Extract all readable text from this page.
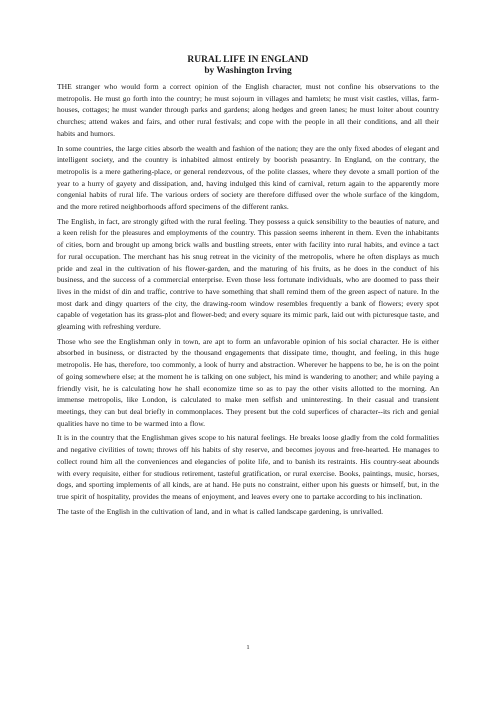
RURAL LIFE IN ENGLAND

by Washington Irving

THE stranger who would form a correct opinion of the English character, must not confine his observations to the metropolis. He must go forth into the country; he must sojourn in villages and hamlets; he must visit castles, villas, farm-houses, cottages; he must wander through parks and gardens; along hedges and green lanes; he must loiter about country churches; attend wakes and fairs, and other rural festivals; and cope with the people in all their conditions, and all their habits and humors.

In some countries, the large cities absorb the wealth and fashion of the nation; they are the only fixed abodes of elegant and intelligent society, and the country is inhabited almost entirely by boorish peasantry. In England, on the contrary, the metropolis is a mere gathering-place, or general rendezvous, of the polite classes, where they devote a small portion of the year to a hurry of gayety and dissipation, and, having indulged this kind of carnival, return again to the apparently more congenial habits of rural life. The various orders of society are therefore diffused over the whole surface of the kingdom, and the more retired neighborhoods afford specimens of the different ranks.

The English, in fact, are strongly gifted with the rural feeling. They possess a quick sensibility to the beauties of nature, and a keen relish for the pleasures and employments of the country. This passion seems inherent in them. Even the inhabitants of cities, born and brought up among brick walls and bustling streets, enter with facility into rural habits, and evince a tact for rural occupation. The merchant has his snug retreat in the vicinity of the metropolis, where he often displays as much pride and zeal in the cultivation of his flower-garden, and the maturing of his fruits, as he does in the conduct of his business, and the success of a commercial enterprise. Even those less fortunate individuals, who are doomed to pass their lives in the midst of din and traffic, contrive to have something that shall remind them of the green aspect of nature. In the most dark and dingy quarters of the city, the drawing-room window resembles frequently a bank of flowers; every spot capable of vegetation has its grass-plot and flower-bed; and every square its mimic park, laid out with picturesque taste, and gleaming with refreshing verdure.

Those who see the Englishman only in town, are apt to form an unfavorable opinion of his social character. He is either absorbed in business, or distracted by the thousand engagements that dissipate time, thought, and feeling, in this huge metropolis. He has, therefore, too commonly, a look of hurry and abstraction. Wherever he happens to be, he is on the point of going somewhere else; at the moment he is talking on one subject, his mind is wandering to another; and while paying a friendly visit, he is calculating how he shall economize time so as to pay the other visits allotted to the morning. An immense metropolis, like London, is calculated to make men selfish and uninteresting. In their casual and transient meetings, they can but deal briefly in commonplaces. They present but the cold superfices of character--its rich and genial qualities have no time to be warmed into a flow.

It is in the country that the Englishman gives scope to his natural feelings. He breaks loose gladly from the cold formalities and negative civilities of town; throws off his habits of shy reserve, and becomes joyous and free-hearted. He manages to collect round him all the conveniences and elegancies of polite life, and to banish its restraints. His country-seat abounds with every requisite, either for studious retirement, tasteful gratification, or rural exercise. Books, paintings, music, horses, dogs, and sporting implements of all kinds, are at hand. He puts no constraint, either upon his guests or himself, but, in the true spirit of hospitality, provides the means of enjoyment, and leaves every one to partake according to his inclination.

The taste of the English in the cultivation of land, and in what is called landscape gardening, is unrivalled.

1
